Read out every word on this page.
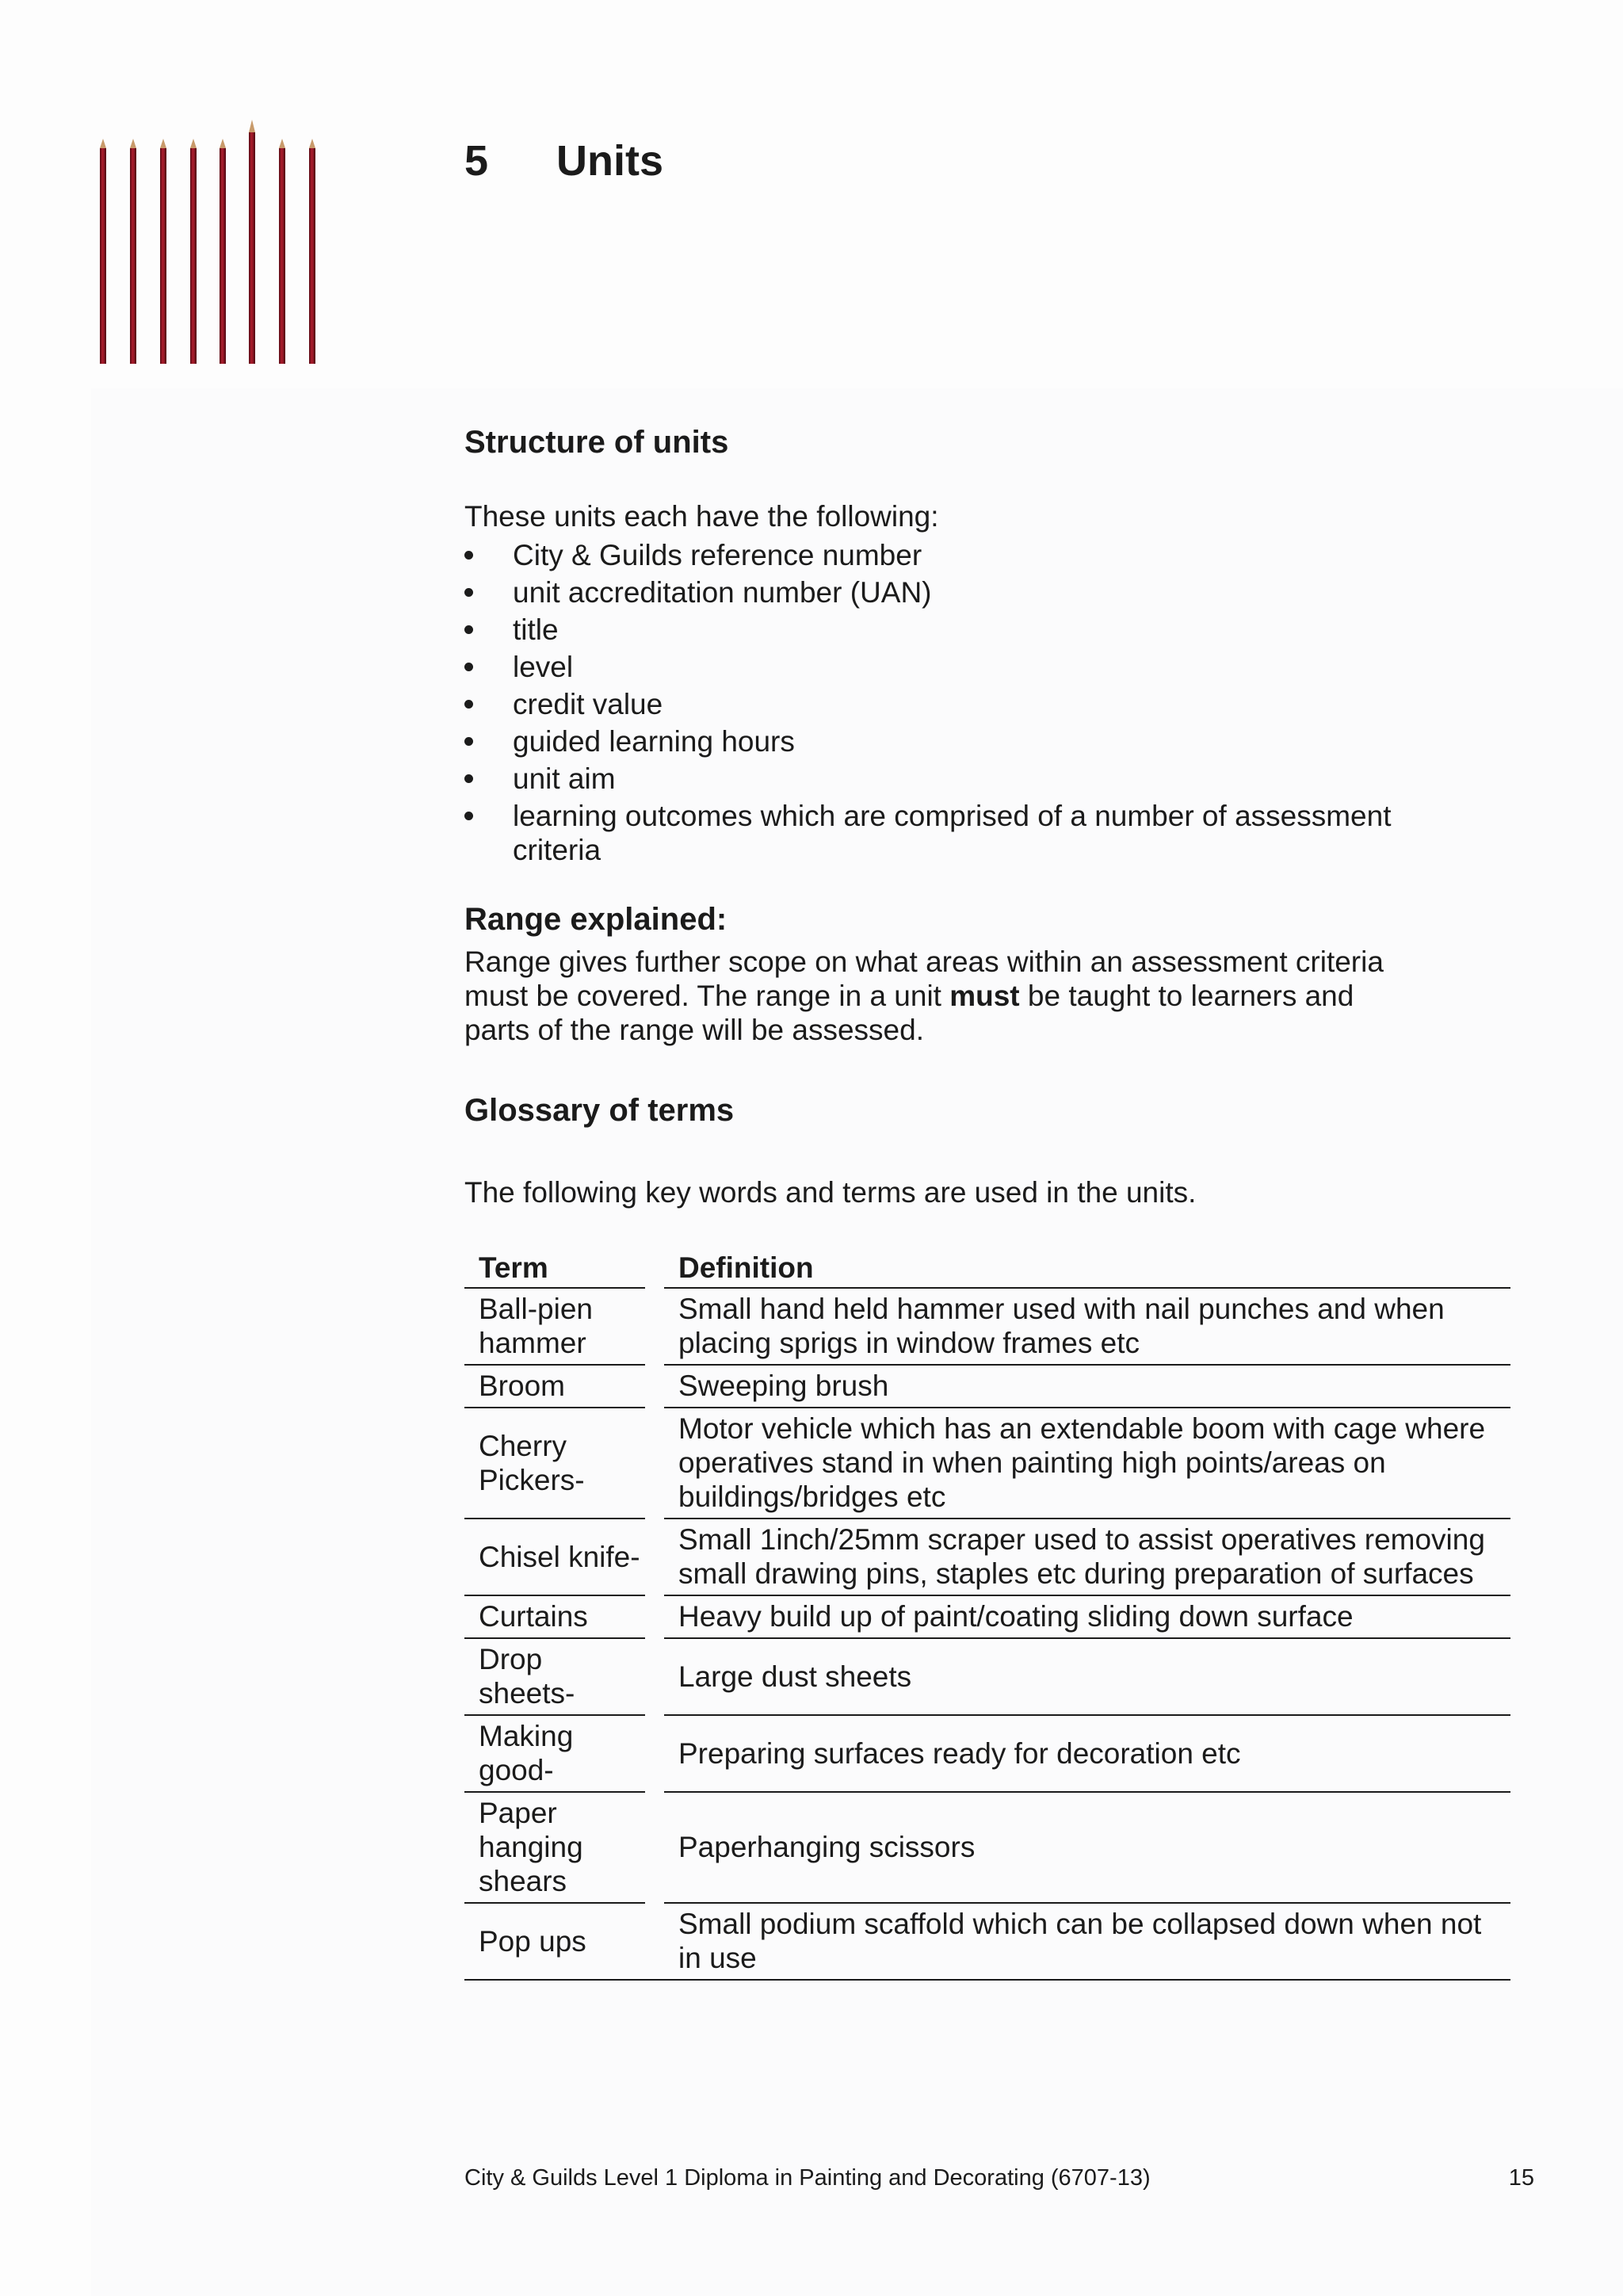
5 Units
Structure of units

These units each have the following:

City & Guilds reference number
unit accreditation number (UAN)
title
level
credit value
guided learning hours
unit aim
learning outcomes which are comprised of a number of assessment criteria
Range explained:

Range gives further scope on what areas within an assessment criteria must be covered. The range in a unit must be taught to learners and parts of the range will be assessed.

Glossary of terms

The following key words and terms are used in the units.

Term		Definition
Ball-pien hammer		Small hand held hammer used with nail punches and when placing sprigs in window frames etc
Broom		Sweeping brush
Cherry Pickers-		Motor vehicle which has an extendable boom with cage where operatives stand in when painting high points/areas on buildings/bridges etc
Chisel knife-		Small 1inch/25mm scraper used to assist operatives removing small drawing pins, staples etc during preparation of surfaces
Curtains		Heavy build up of paint/coating sliding down surface
Drop sheets-		Large dust sheets
Making good-		Preparing surfaces ready for decoration etc
Paper hanging shears		Paperhanging scissors
Pop ups		Small podium scaffold which can be collapsed down when not in use
City & Guilds Level 1 Diploma in Painting and Decorating (6707-13)	15
